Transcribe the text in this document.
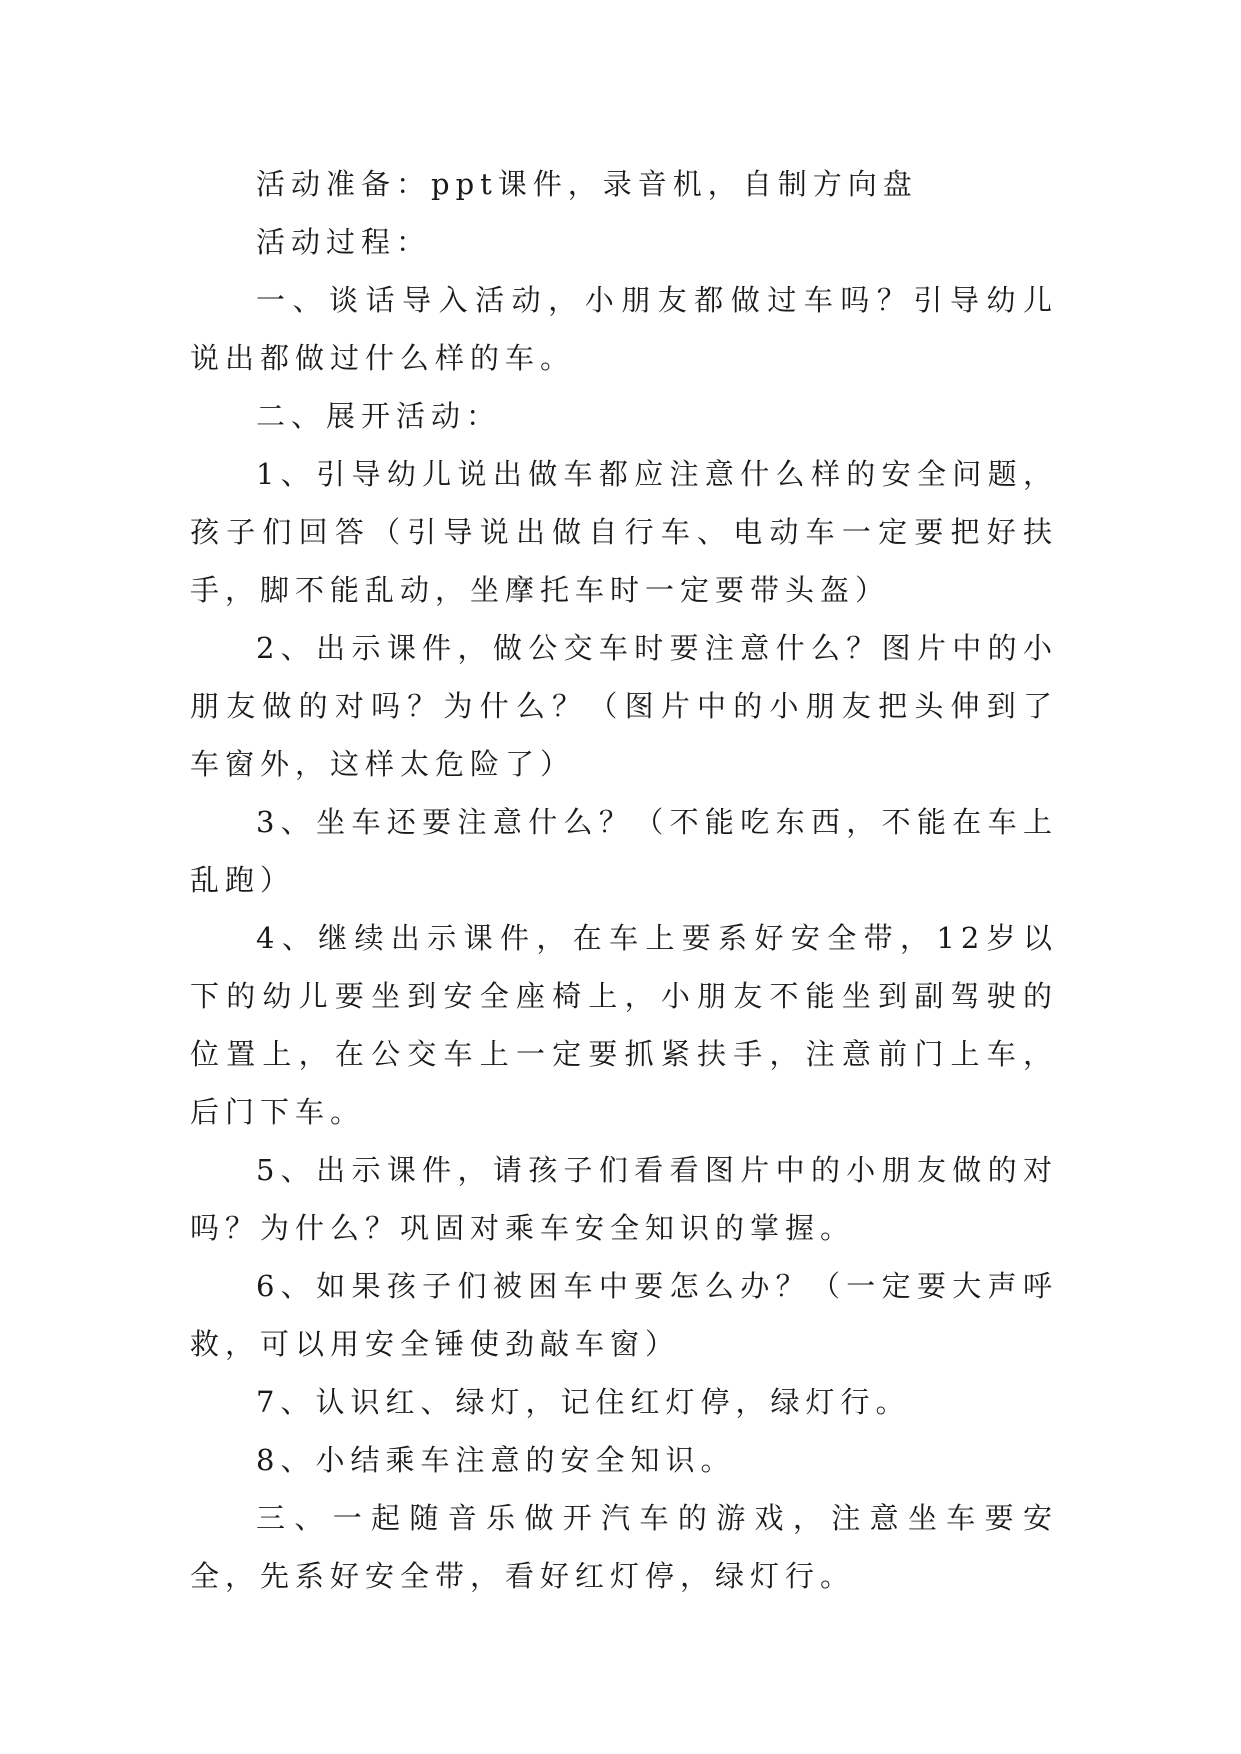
活动准备：ppt课件，录音机，自制方向盘

活动过程：

一、谈话导入活动，小朋友都做过车吗？引导幼儿说出都做过什么样的车。

二、展开活动：

1、引导幼儿说出做车都应注意什么样的安全问题，孩子们回答（引导说出做自行车、电动车一定要把好扶手，脚不能乱动，坐摩托车时一定要带头盔）

2、出示课件，做公交车时要注意什么？图片中的小朋友做的对吗？为什么？（图片中的小朋友把头伸到了车窗外，这样太危险了）

3、坐车还要注意什么？（不能吃东西，不能在车上乱跑）

4、继续出示课件，在车上要系好安全带，12岁以下的幼儿要坐到安全座椅上，小朋友不能坐到副驾驶的位置上，在公交车上一定要抓紧扶手，注意前门上车，后门下车。

5、出示课件，请孩子们看看图片中的小朋友做的对吗？为什么？巩固对乘车安全知识的掌握。

6、如果孩子们被困车中要怎么办？（一定要大声呼救，可以用安全锤使劲敲车窗）

7、认识红、绿灯，记住红灯停，绿灯行。

8、小结乘车注意的安全知识。

三、一起随音乐做开汽车的游戏，注意坐车要安全，先系好安全带，看好红灯停，绿灯行。
